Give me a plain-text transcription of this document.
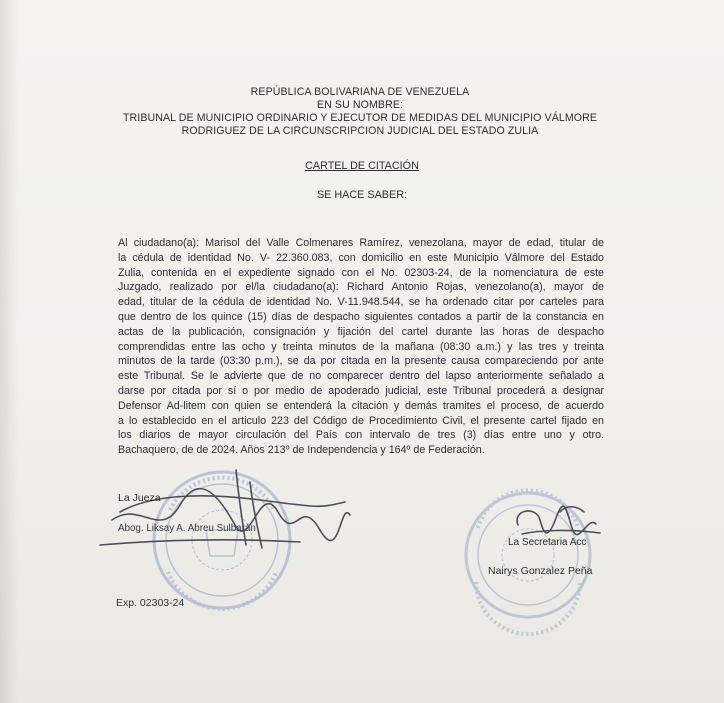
REPÚBLICA BOLIVARIANA DE VENEZUELA
EN SU NOMBRE:
TRIBUNAL DE MUNICIPIO ORDINARIO Y EJECUTOR DE MEDIDAS DEL MUNICIPIO VÁLMORE
RODRIGUEZ DE LA CIRCUNSCRIPCION JUDICIAL DEL ESTADO ZULIA
CARTEL DE CITACIÓN
SE HACE SABER:
Al ciudadano(a): Marisol del Valle Colmenares Ramírez, venezolana, mayor de edad, titular de
la cédula de identidad No. V- 22.360.083, con domicilio en este Municipio Válmore del Estado
Zulia, contenida en el expediente signado con el No. 02303-24, de la nomenciatura de este
Juzgado, realizado por el/la ciudadano(a): Richard Antonio Rojas, venezolano(a), mayor de
edad, titular de la cédula de identidad No. V-11.948.544, se ha ordenado citar por carteles para
que dentro de los quince (15) días de despacho siguientes contados a partir de la constancia en
actas de la publicación, consignación y fijación del cartel durante las horas de despacho
comprendidas entre las ocho y treinta minutos de la mañana (08:30 a.m.) y las tres y treinta
minutos de la tarde (03:30 p.m.), se da por citada en la presente causa compareciendo por ante
este Tribunal. Se le advierte que de no comparecer dentro del lapso anteriormente señalado a
darse por citada por sí o por medio de apoderado judicial, este Tribunal procederá a designar
Defensor Ad-litem con quien se entenderá la citación y demás tramites el proceso, de acuerdo
a lo establecido en el articulo 223 del Código de Procedimiento Civil, el presente cartel fijado en
los diarios de mayor circulación del País con intervalo de tres (3) días entre uno y otro.
Bachaquero, de de 2024. Años 213º de Independencia y 164º de Federación.
La Jueza
Abog. Liksay A. Abreu Sulbarán
La Secretaria Acc
Nairys Gonzalez Peña
Exp. 02303-24
